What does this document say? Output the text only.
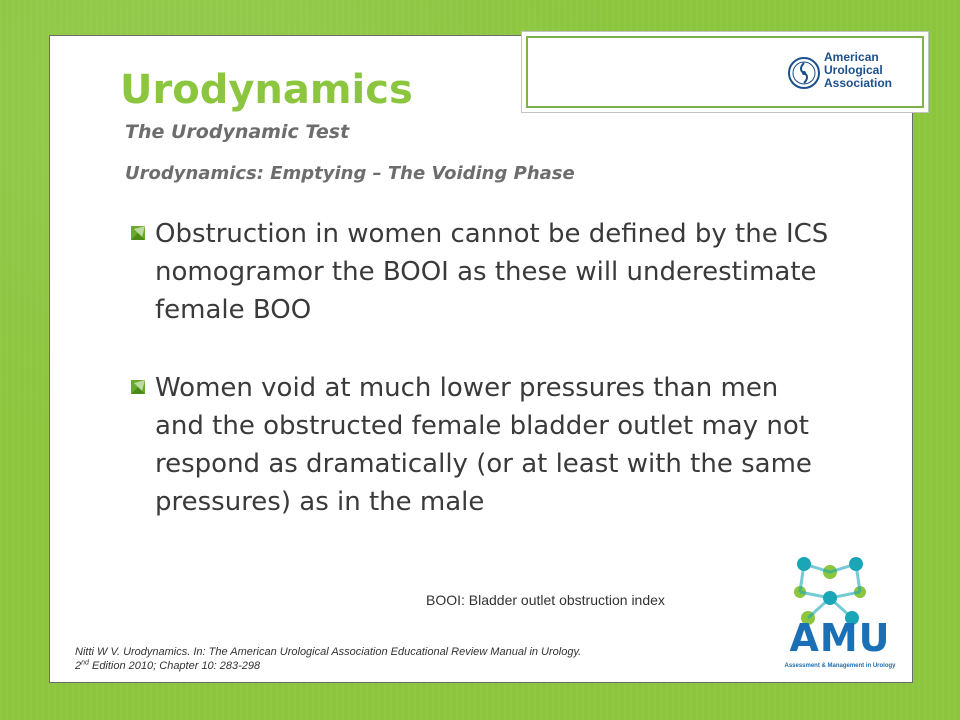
American
Urological
Association
Urodynamics

The Urodynamic Test

Urodynamics: Emptying – The Voiding Phase

Obstruction in women cannot be defined by the ICS nomogramor the BOOI as these will underestimate female BOO
Women void at much lower pressures than men and the obstructed female bladder outlet may not respond as dramatically (or at least with the same pressures) as in the male

BOOI: Bladder outlet obstruction index

Nitti W V. Urodynamics. In: The American Urological Association Educational Review Manual in Urology.
2nd Edition 2010; Chapter 10: 283-298

AMU
Assessment & Management in Urology
